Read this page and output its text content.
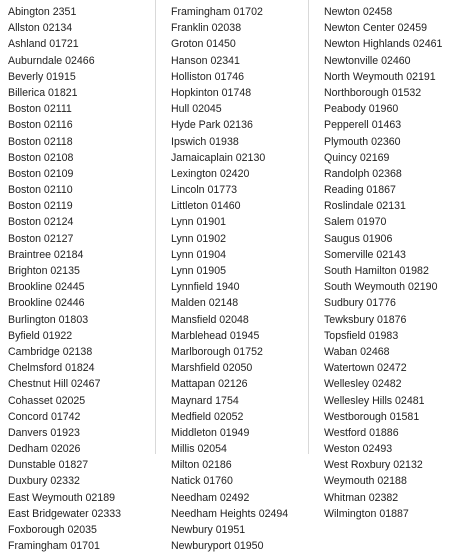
Abington 2351
Allston 02134
Ashland 01721
Auburndale 02466
Beverly 01915
Billerica 01821
Boston 02111
Boston 02116
Boston 02118
Boston 02108
Boston 02109
Boston 02110
Boston 02119
Boston 02124
Boston 02127
Braintree 02184
Brighton 02135
Brookline 02445
Brookline 02446
Burlington 01803
Byfield 01922
Cambridge 02138
Chelmsford 01824
Chestnut Hill 02467
Cohasset 02025
Concord 01742
Danvers 01923
Dedham 02026
Dunstable 01827
Duxbury 02332
East Weymouth 02189
East Bridgewater 02333
Foxborough 02035
Framingham 01701
Framingham 01702
Franklin 02038
Groton 01450
Hanson 02341
Holliston 01746
Hopkinton 01748
Hull 02045
Hyde Park 02136
Ipswich 01938
Jamaicaplain 02130
Lexington 02420
Lincoln 01773
Littleton 01460
Lynn 01901
Lynn 01902
Lynn 01904
Lynn 01905
Lynnfield 1940
Malden 02148
Mansfield 02048
Marblehead 01945
Marlborough 01752
Marshfield 02050
Mattapan 02126
Maynard 1754
Medfield 02052
Middleton 01949
Millis 02054
Milton 02186
Natick 01760
Needham 02492
Needham Heights 02494
Newbury 01951
Newburyport 01950
Newton 02458
Newton Center 02459
Newton Highlands 02461
Newtonville 02460
North Weymouth 02191
Northborough 01532
Peabody 01960
Pepperell 01463
Plymouth 02360
Quincy 02169
Randolph 02368
Reading 01867
Roslindale 02131
Salem 01970
Saugus 01906
Somerville 02143
South Hamilton 01982
South Weymouth 02190
Sudbury 01776
Tewksbury 01876
Topsfield 01983
Waban 02468
Watertown 02472
Wellesley 02482
Wellesley Hills 02481
Westborough 01581
Westford 01886
Weston 02493
West Roxbury 02132
Weymouth 02188
Whitman 02382
Wilmington 01887
